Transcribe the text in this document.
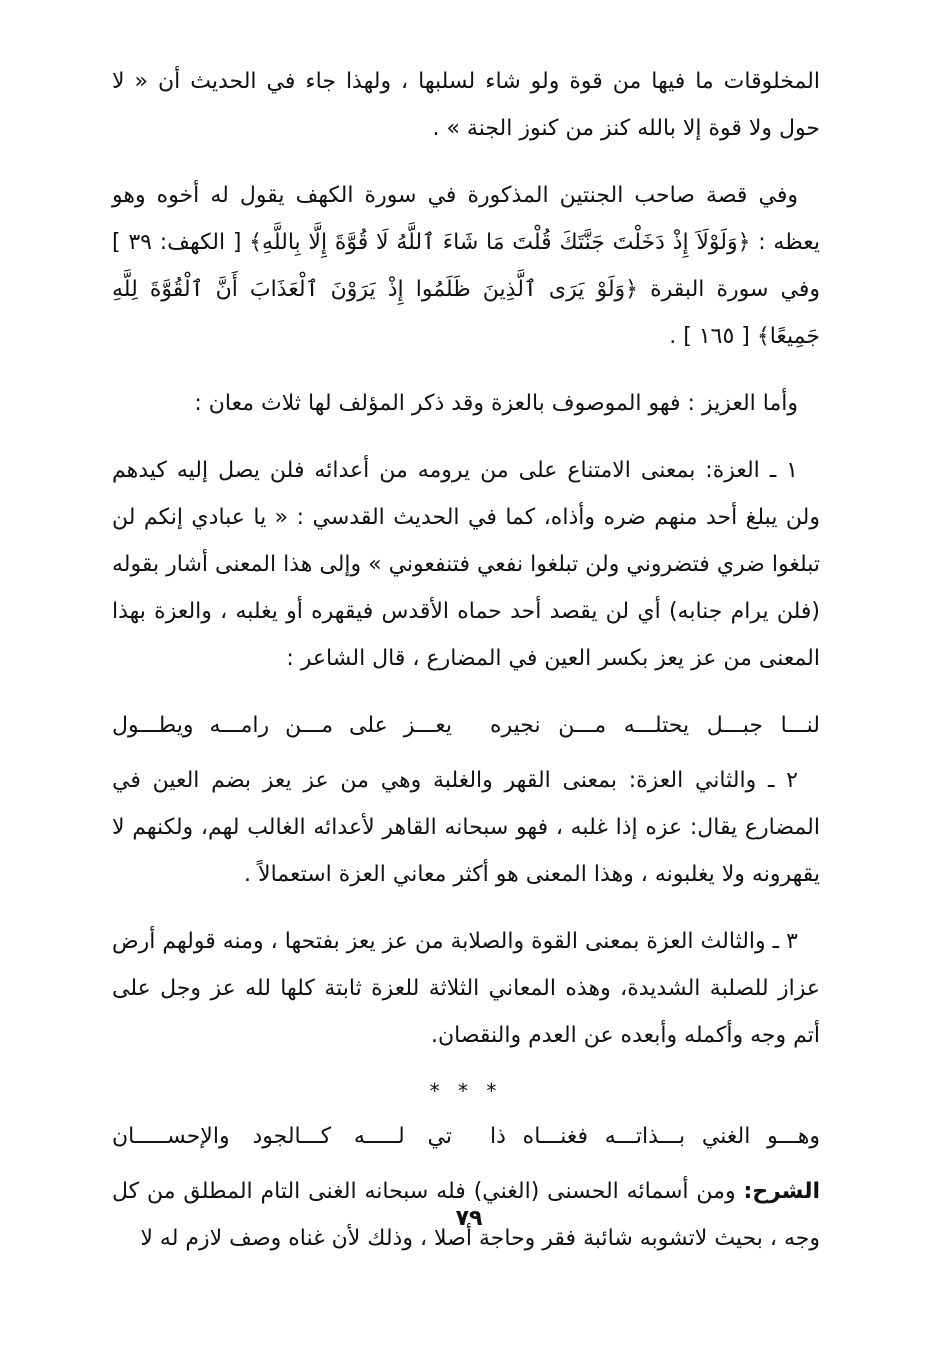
المخلوقات ما فيها من قوة ولو شاء لسلبها ، ولهذا جاء في الحديث أن « لا حول ولا قوة إلا بالله كنز من كنوز الجنة » .

وفي قصة صاحب الجنتين المذكورة في سورة الكهف يقول له أخوه وهو يعظه : ﴿وَلَوْلَاَ إِذْ دَخَلْتَ جَنَّتَكَ قُلْتَ مَا شَاءَ ٱللَّهُ لَا قُوَّةَ إِلَّا بِاللَّهِ﴾ [ الكهف: ٣٩ ] وفي سورة البقرة ﴿وَلَوْ يَرَى ٱلَّذِينَ ظَلَمُوا إِذْ يَرَوْنَ ٱلْعَذَابَ أَنَّ ٱلْقُوَّةَ لِلَّهِ جَمِيعًا﴾ [ ١٦٥ ] .

وأما العزيز : فهو الموصوف بالعزة وقد ذكر المؤلف لها ثلاث معان :

١ ـ العزة: بمعنى الامتناع على من يرومه من أعدائه فلن يصل إليه كيدهم ولن يبلغ أحد منهم ضره وأذاه، كما في الحديث القدسي : « يا عبادي إنكم لن تبلغوا ضري فتضروني ولن تبلغوا نفعي فتنفعوني » وإلى هذا المعنى أشار بقوله (فلن يرام جنابه) أي لن يقصد أحد حماه الأقدس فيقهره أو يغلبه ، والعزة بهذا المعنى من عز يعز بكسر العين في المضارع ، قال الشاعر :

لنـــا جبـــل يحتلـــه مـــن نجيره
يعـــز على مـــن رامـــه ويطـــول

٢ ـ والثاني العزة: بمعنى القهر والغلبة وهي من عز يعز بضم العين في المضارع يقال: عزه إذا غلبه ، فهو سبحانه القاهر لأعدائه الغالب لهم، ولكنهم لا يقهرونه ولا يغلبونه ، وهذا المعنى هو أكثر معاني العزة استعمالاً .

٣ ـ والثالث العزة بمعنى القوة والصلابة من عز يعز بفتحها ، ومنه قولهم أرض عزاز للصلبة الشديدة، وهذه المعاني الثلاثة للعزة ثابتة كلها لله عز وجل على أتم وجه وأكمله وأبعده عن العدم والنقصان.

* * *
وهـــو الغني بـــذاتـــه فغنـــاه ذا
تي لـــــه كـــالجود والإحســـــان

الشرح: ومن أسمائه الحسنى (الغني) فله سبحانه الغنى التام المطلق من كل وجه ، بحيث لاتشوبه شائبة فقر وحاجة أصلا ، وذلك لأن غناه وصف لازم له لا

٧٩
